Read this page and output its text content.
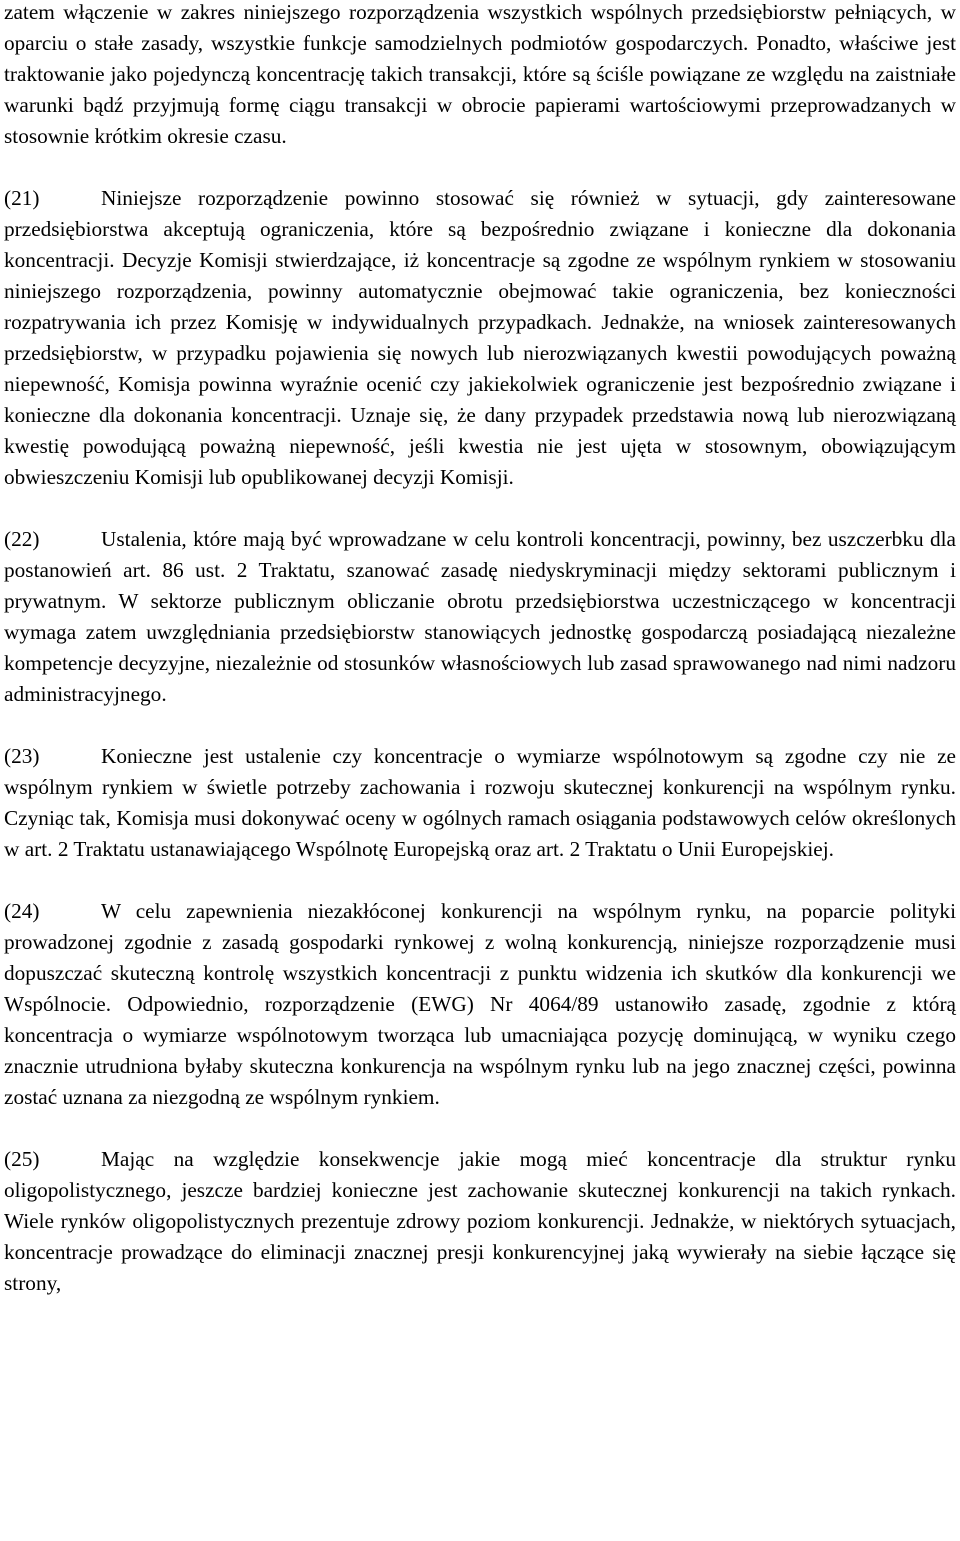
zatem włączenie w zakres niniejszego rozporządzenia wszystkich wspólnych przedsiębiorstw pełniących, w oparciu o stałe zasady, wszystkie funkcje samodzielnych podmiotów gospodarczych. Ponadto, właściwe jest traktowanie jako pojedynczą koncentrację takich transakcji, które są ściśle powiązane ze względu na zaistniałe warunki bądź przyjmują formę ciągu transakcji w obrocie papierami wartościowymi przeprowadzanych w stosownie krótkim okresie czasu.

(21)	Niniejsze rozporządzenie powinno stosować się również w sytuacji, gdy zainteresowane przedsiębiorstwa akceptują ograniczenia, które są bezpośrednio związane i konieczne dla dokonania koncentracji. Decyzje Komisji stwierdzające, iż koncentracje są zgodne ze wspólnym rynkiem w stosowaniu niniejszego rozporządzenia, powinny automatycznie obejmować takie ograniczenia, bez konieczności rozpatrywania ich przez Komisję w indywidualnych przypadkach. Jednakże, na wniosek zainteresowanych przedsiębiorstw, w przypadku pojawienia się nowych lub nierozwiązanych kwestii powodujących poważną niepewność, Komisja powinna wyraźnie ocenić czy jakiekolwiek ograniczenie jest bezpośrednio związane i konieczne dla dokonania koncentracji. Uznaje się, że dany przypadek przedstawia nową lub nierozwiązaną kwestię powodującą poważną niepewność, jeśli kwestia nie jest ujęta w stosownym, obowiązującym obwieszczeniu Komisji lub opublikowanej decyzji Komisji.

(22)	Ustalenia, które mają być wprowadzane w celu kontroli koncentracji, powinny, bez uszczerbku dla postanowień art. 86 ust. 2 Traktatu, szanować zasadę niedyskryminacji między sektorami publicznym i prywatnym. W sektorze publicznym obliczanie obrotu przedsiębiorstwa uczestniczącego w koncentracji wymaga zatem uwzględniania przedsiębiorstw stanowiących jednostkę gospodarczą posiadającą niezależne kompetencje decyzyjne, niezależnie od stosunków własnościowych lub zasad sprawowanego nad nimi nadzoru administracyjnego.

(23)	Konieczne jest ustalenie czy koncentracje o wymiarze wspólnotowym są zgodne czy nie ze wspólnym rynkiem w świetle potrzeby zachowania i rozwoju skutecznej konkurencji na wspólnym rynku. Czyniąc tak, Komisja musi dokonywać oceny w ogólnych ramach osiągania podstawowych celów określonych w art. 2 Traktatu ustanawiającego Wspólnotę Europejską oraz art. 2 Traktatu o Unii Europejskiej.

(24)	W celu zapewnienia niezakłóconej konkurencji na wspólnym rynku, na poparcie polityki prowadzonej zgodnie z zasadą gospodarki rynkowej z wolną konkurencją, niniejsze rozporządzenie musi dopuszczać skuteczną kontrolę wszystkich koncentracji z punktu widzenia ich skutków dla konkurencji we Wspólnocie. Odpowiednio, rozporządzenie (EWG) Nr 4064/89 ustanowiło zasadę, zgodnie z którą koncentracja o wymiarze wspólnotowym tworząca lub umacniająca pozycję dominującą, w wyniku czego znacznie utrudniona byłaby skuteczna konkurencja na wspólnym rynku lub na jego znacznej części, powinna zostać uznana za niezgodną ze wspólnym rynkiem.

(25)	Mając na względzie konsekwencje jakie mogą mieć koncentracje dla struktur rynku oligopolistycznego, jeszcze bardziej konieczne jest zachowanie skutecznej konkurencji na takich rynkach. Wiele rynków oligopolistycznych prezentuje zdrowy poziom konkurencji. Jednakże, w niektórych sytuacjach, koncentracje prowadzące do eliminacji znacznej presji konkurencyjnej jaką wywierały na siebie łączące się strony,
